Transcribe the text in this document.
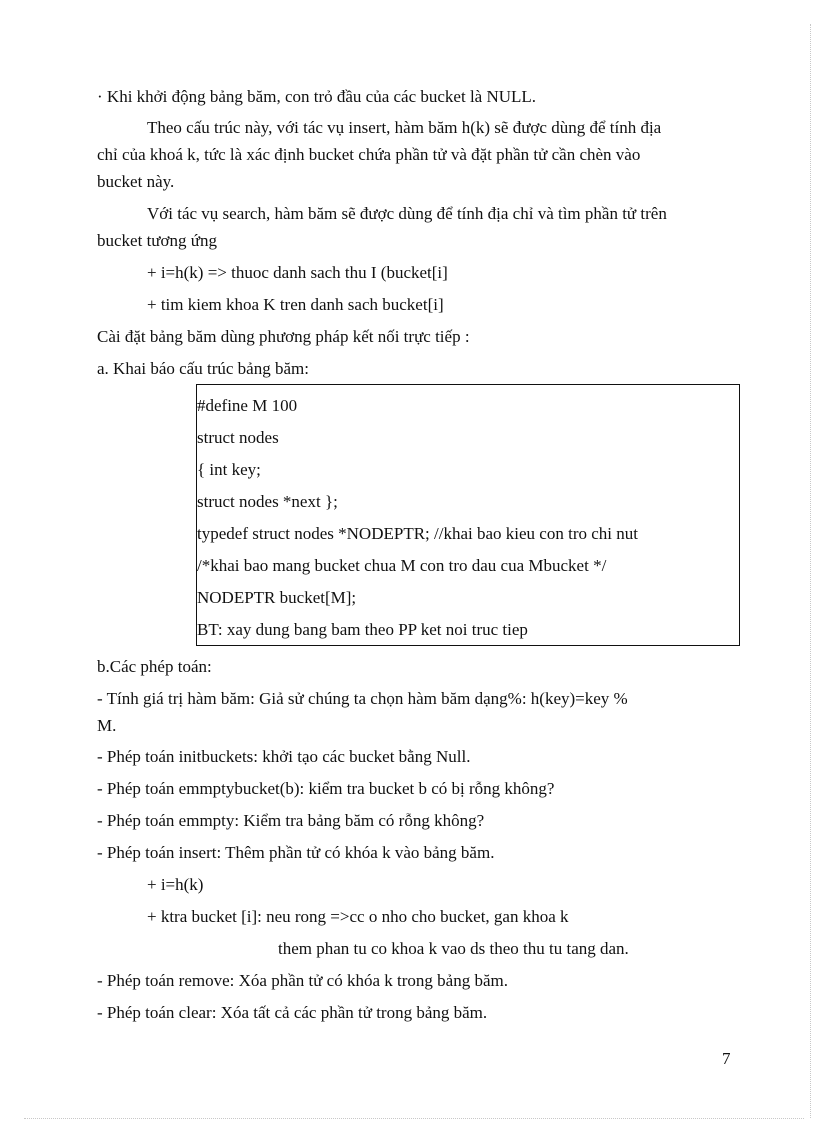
· Khi khởi động bảng băm, con trỏ đầu của các bucket là NULL.
Theo cấu trúc này, với tác vụ insert, hàm băm h(k) sẽ được dùng để tính địa
chỉ của khoá k, tức là xác định bucket chứa phần tử và đặt phần tử cần chèn vào
bucket này.
Với tác vụ search, hàm băm sẽ được dùng để tính địa chỉ và tìm phần tử trên
bucket tương ứng
+ i=h(k) => thuoc danh sach thu I (bucket[i]
+ tim kiem khoa K tren danh sach bucket[i]
Cài đặt bảng băm dùng phương pháp kết nối trực tiếp :
a. Khai báo cấu trúc bảng băm:
#define M 100
struct nodes
{ int key;
struct nodes *next };
typedef struct nodes *NODEPTR; //khai bao kieu con tro chi nut
/*khai bao mang bucket chua M con tro dau cua Mbucket */
NODEPTR bucket[M];
BT: xay dung bang bam theo PP ket noi truc tiep
b.Các phép toán:
- Tính giá trị hàm băm: Giả sử chúng ta chọn hàm băm dạng%: h(key)=key %
M.
- Phép toán initbuckets: khởi tạo các bucket bằng Null.
- Phép toán emmptybucket(b): kiểm tra bucket b có bị rỗng không?
- Phép toán emmpty: Kiểm tra bảng băm có rỗng không?
- Phép toán insert: Thêm phần tử có khóa k vào bảng băm.
+ i=h(k)
+ ktra bucket [i]: neu rong =>cc o nho cho bucket, gan khoa k
them phan tu co khoa k vao ds theo thu tu tang dan.
- Phép toán remove: Xóa phần tử có khóa k trong bảng băm.
- Phép toán clear: Xóa tất cả các phần tử trong bảng băm.
7
